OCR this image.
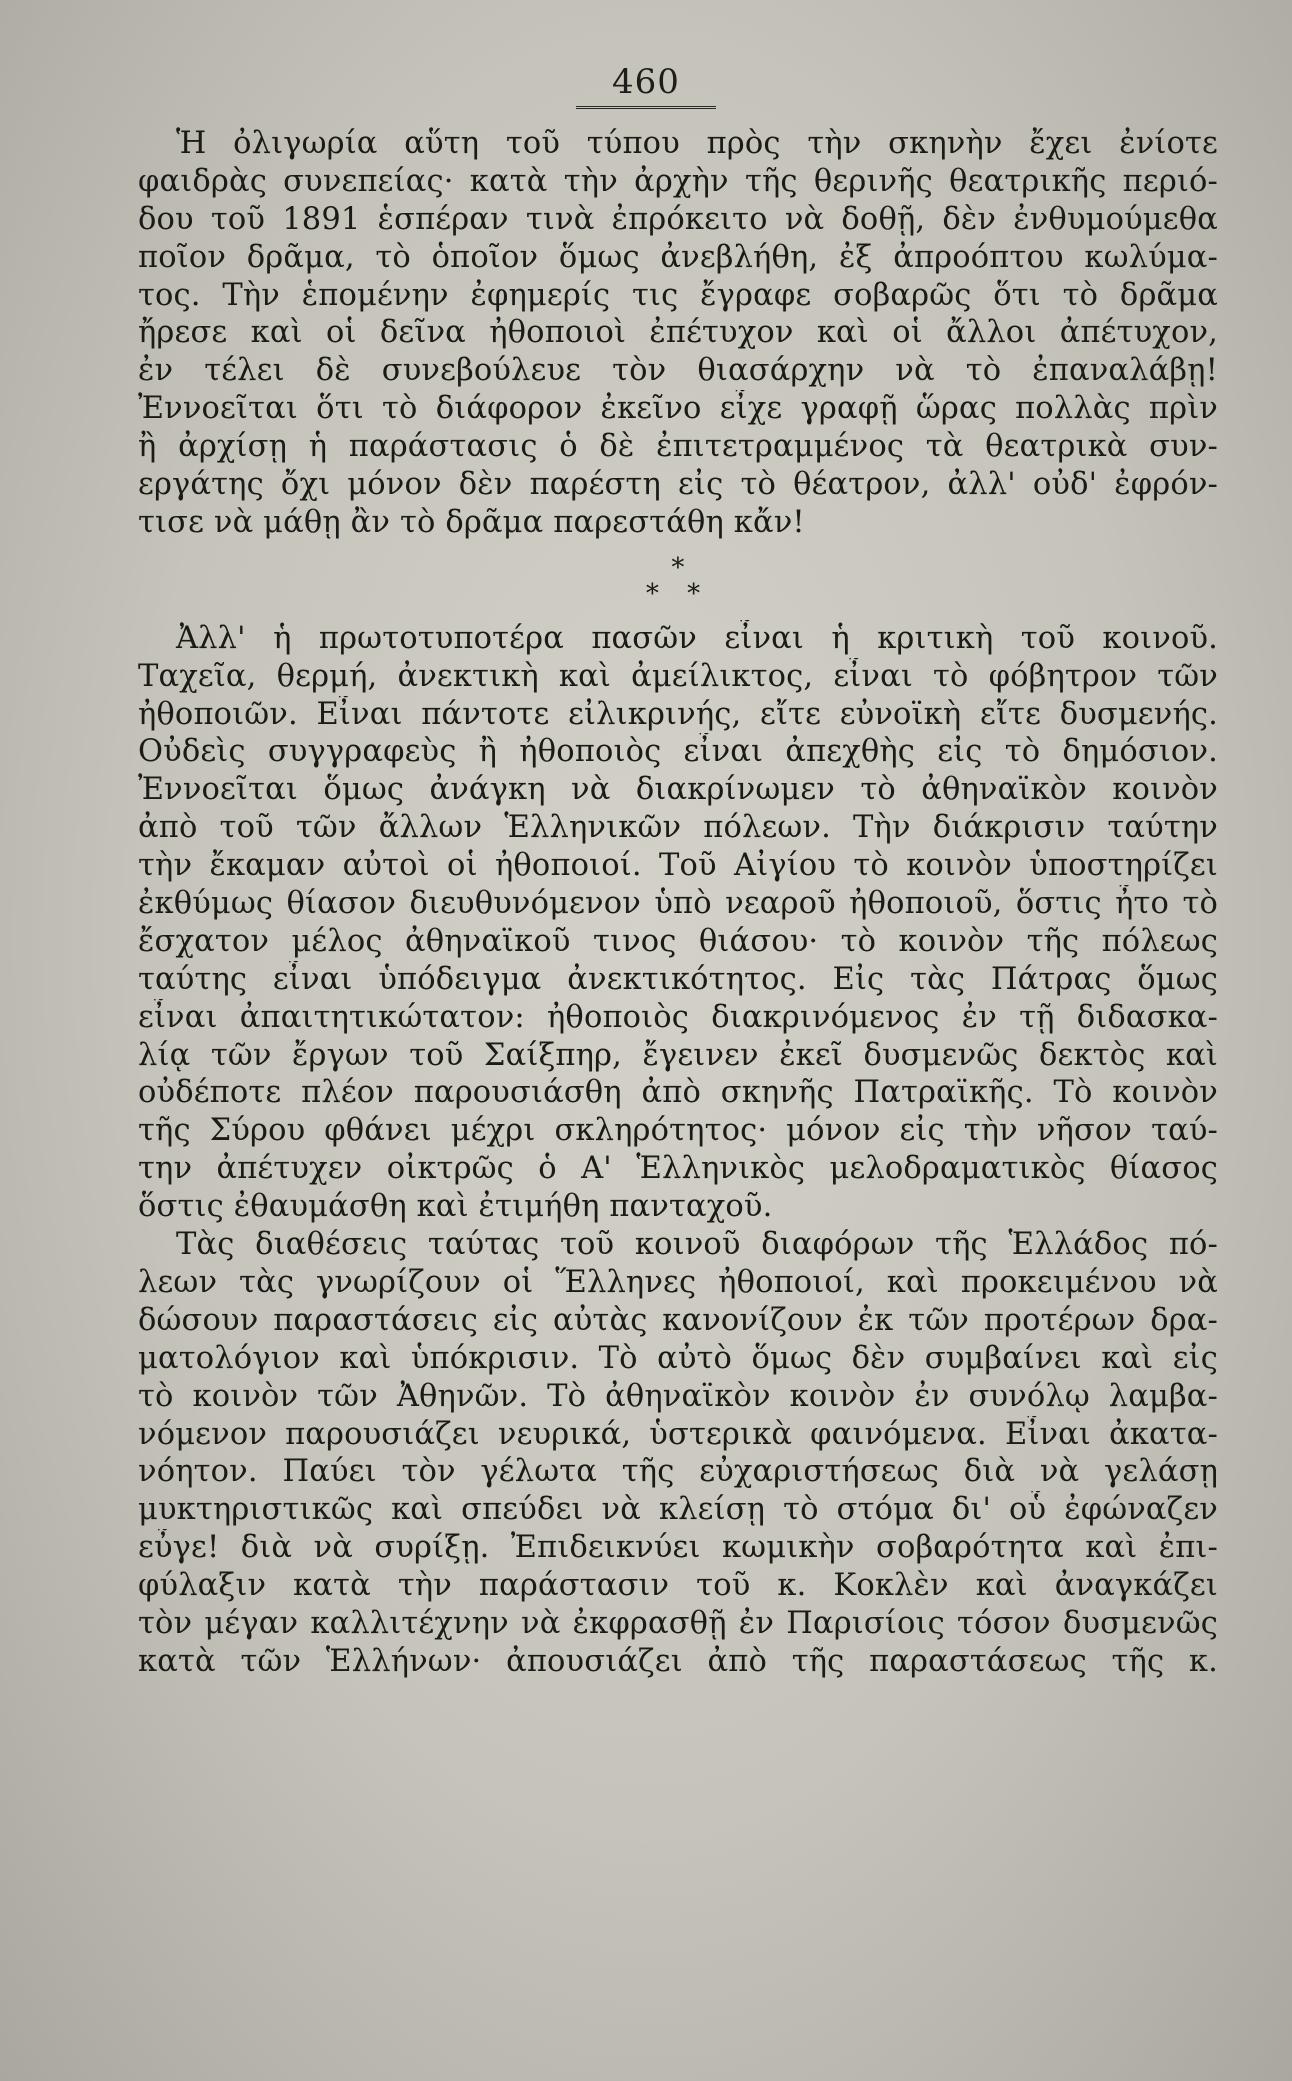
460
Ἡ ὀλιγωρία αὕτη τοῦ τύπου πρὸς τὴν σκηνὴν ἔχει ἐνίοτε
φαιδρὰς συνεπείας· κατὰ τὴν ἀρχὴν τῆς θερινῆς θεατρικῆς περιό-
δου τοῦ 1891 ἑσπέραν τινὰ ἐπρόκειτο νὰ δοθῇ, δὲν ἐνθυμούμεθα
ποῖον δρᾶμα, τὸ ὁποῖον ὅμως ἀνεβλήθη, ἐξ ἀπροόπτου κωλύμα-
τος. Τὴν ἑπομένην ἐφημερίς τις ἔγραφε σοβαρῶς ὅτι τὸ δρᾶμα
ἤρεσε καὶ οἱ δεῖνα ἠθοποιοὶ ἐπέτυχον καὶ οἱ ἄλλοι ἀπέτυχον,
ἐν τέλει δὲ συνεβούλευε τὸν θιασάρχην νὰ τὸ ἐπαναλάβῃ!
Ἐννοεῖται ὅτι τὸ διάφορον ἐκεῖνο εἶχε γραφῇ ὥρας πολλὰς πρὶν
ἢ ἀρχίσῃ ἡ παράστασις ὁ δὲ ἐπιτετραμμένος τὰ θεατρικὰ συν-
εργάτης ὄχι μόνον δὲν παρέστη εἰς τὸ θέατρον, ἀλλ' οὐδ' ἐφρόν-
τισε νὰ μάθῃ ἂν τὸ δρᾶμα παρεστάθη κἄν!
*
* *
Ἀλλ' ἡ πρωτοτυποτέρα πασῶν εἶναι ἡ κριτικὴ τοῦ κοινοῦ.
Ταχεῖα, θερμή, ἀνεκτικὴ καὶ ἀμείλικτος, εἶναι τὸ φόβητρον τῶν
ἠθοποιῶν. Εἶναι πάντοτε εἰλικρινής, εἴτε εὐνοϊκὴ εἴτε δυσμενής.
Οὐδεὶς συγγραφεὺς ἢ ἠθοποιὸς εἶναι ἀπεχθὴς εἰς τὸ δημόσιον.
Ἐννοεῖται ὅμως ἀνάγκη νὰ διακρίνωμεν τὸ ἀθηναϊκὸν κοινὸν
ἀπὸ τοῦ τῶν ἄλλων Ἑλληνικῶν πόλεων. Τὴν διάκρισιν ταύτην
τὴν ἔκαμαν αὐτοὶ οἱ ἠθοποιοί. Τοῦ Αἰγίου τὸ κοινὸν ὑποστηρίζει
ἐκθύμως θίασον διευθυνόμενον ὑπὸ νεαροῦ ἠθοποιοῦ, ὅστις ἦτο τὸ
ἔσχατον μέλος ἀθηναϊκοῦ τινος θιάσου· τὸ κοινὸν τῆς πόλεως
ταύτης εἶναι ὑπόδειγμα ἀνεκτικότητος. Εἰς τὰς Πάτρας ὅμως
εἶναι ἀπαιτητικώτατον: ἠθοποιὸς διακρινόμενος ἐν τῇ διδασκα-
λίᾳ τῶν ἔργων τοῦ Σαίξπηρ, ἔγεινεν ἐκεῖ δυσμενῶς δεκτὸς καὶ
οὐδέποτε πλέον παρουσιάσθη ἀπὸ σκηνῆς Πατραϊκῆς. Τὸ κοινὸν
τῆς Σύρου φθάνει μέχρι σκληρότητος· μόνον εἰς τὴν νῆσον ταύ-
την ἀπέτυχεν οἰκτρῶς ὁ Α' Ἑλληνικὸς μελοδραματικὸς θίασος
ὅστις ἐθαυμάσθη καὶ ἐτιμήθη πανταχοῦ.
Τὰς διαθέσεις ταύτας τοῦ κοινοῦ διαφόρων τῆς Ἑλλάδος πό-
λεων τὰς γνωρίζουν οἱ Ἕλληνες ἠθοποιοί, καὶ προκειμένου νὰ
δώσουν παραστάσεις εἰς αὐτὰς κανονίζουν ἐκ τῶν προτέρων δρα-
ματολόγιον καὶ ὑπόκρισιν. Τὸ αὐτὸ ὅμως δὲν συμβαίνει καὶ εἰς
τὸ κοινὸν τῶν Ἀθηνῶν. Τὸ ἀθηναϊκὸν κοινὸν ἐν συνόλῳ λαμβα-
νόμενον παρουσιάζει νευρικά, ὑστερικὰ φαινόμενα. Εἶναι ἀκατα-
νόητον. Παύει τὸν γέλωτα τῆς εὐχαριστήσεως διὰ νὰ γελάσῃ
μυκτηριστικῶς καὶ σπεύδει νὰ κλείσῃ τὸ στόμα δι' οὗ ἐφώναζεν
εὖγε! διὰ νὰ συρίξῃ. Ἐπιδεικνύει κωμικὴν σοβαρότητα καὶ ἐπι-
φύλαξιν κατὰ τὴν παράστασιν τοῦ κ. Κοκλὲν καὶ ἀναγκάζει
τὸν μέγαν καλλιτέχνην νὰ ἐκφρασθῇ ἐν Παρισίοις τόσον δυσμενῶς
κατὰ τῶν Ἑλλήνων· ἀπουσιάζει ἀπὸ τῆς παραστάσεως τῆς κ.
